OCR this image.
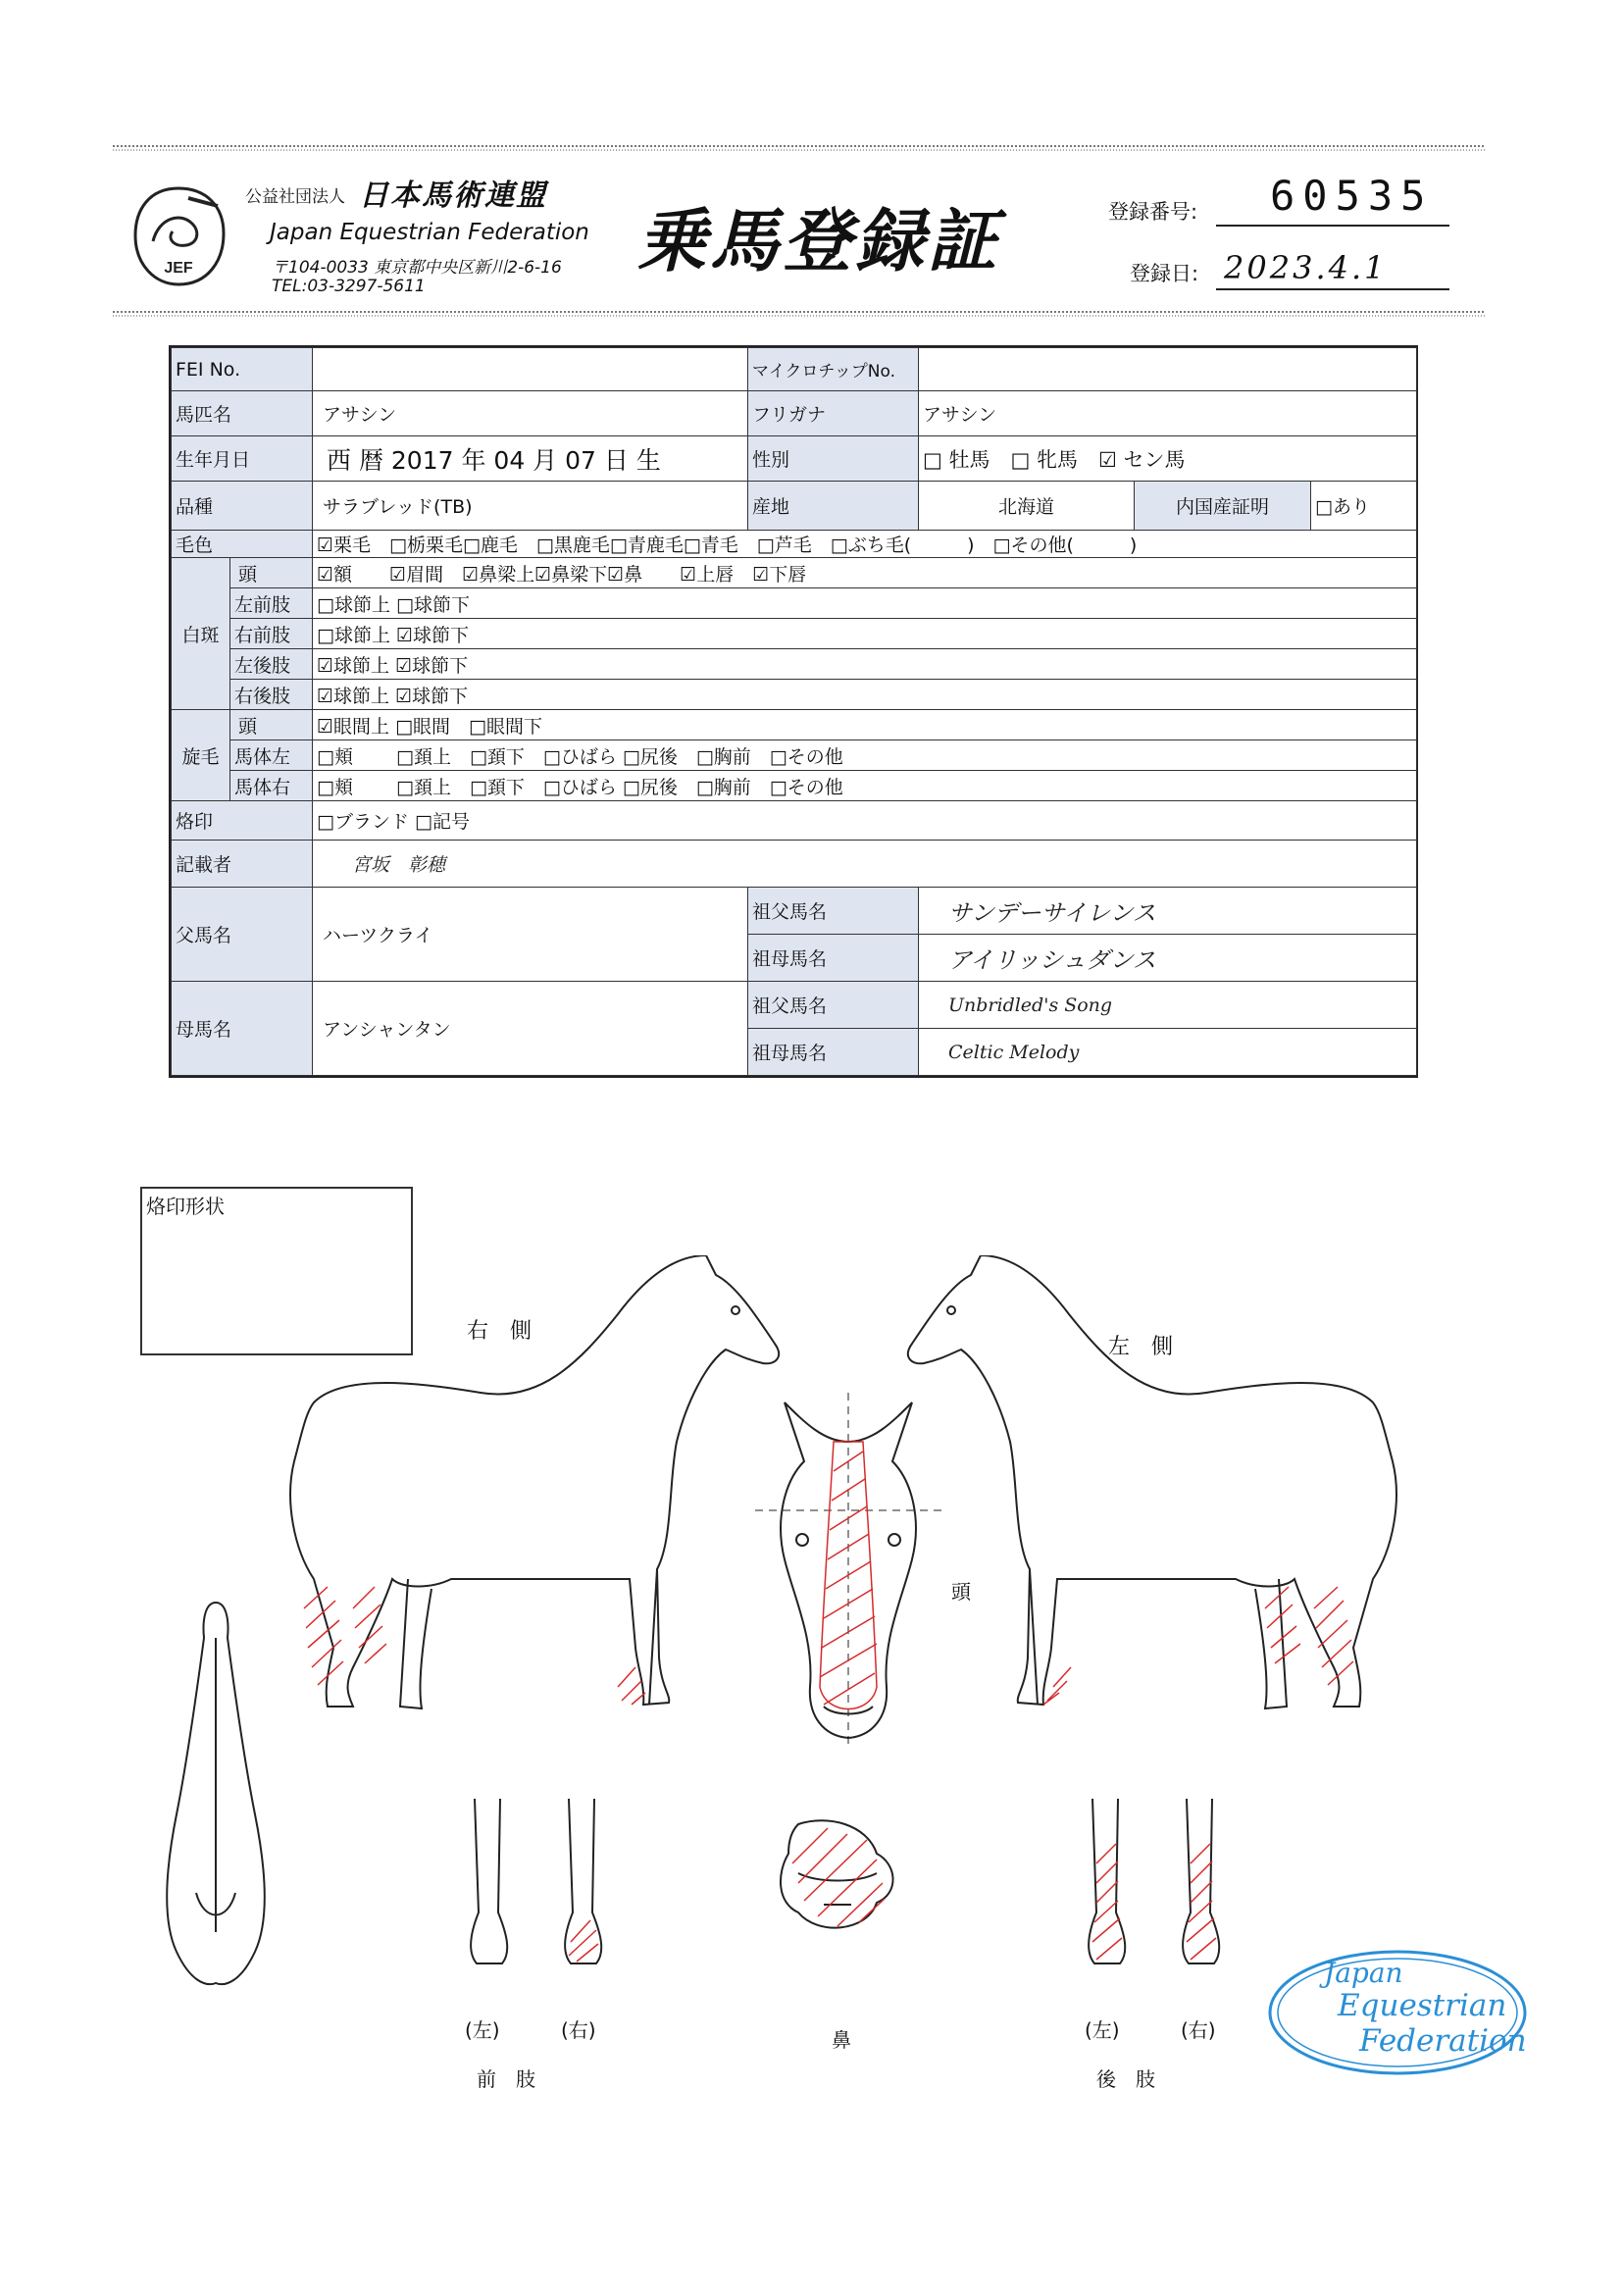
JEF
公益社団法人 日本馬術連盟
Japan Equestrian Federation
〒104-0033 東京都中央区新川2-6-16
TEL:03-3297-5611
乗馬登録証	登録番号: 60535
登録日: 2023.4.1
FEI No.			マイクロチップNo.			
馬匹名		アサシン	フリガナ	アサシン		
生年月日		西 暦 2017 年 04 月 07 日 生	性別	□ 牡馬　□ 牝馬　☑ セン馬		
品種		サラブレッド(TB)	産地	北海道	内国産証明	□あり
毛色		☑栗毛　□栃栗毛□鹿毛　□黒鹿毛□青鹿毛□青毛　□芦毛　□ぶち毛(　　　)　□その他(　　　)				
白斑	頭	☑額　　☑眉間　☑鼻梁上☑鼻梁下☑鼻　　☑上唇　☑下唇				
	左前肢	□球節上 □球節下				
	右前肢	□球節上 ☑球節下				
	左後肢	☑球節上 ☑球節下				
	右後肢	☑球節上 ☑球節下				
旋毛	頭	☑眼間上 □眼間　□眼間下				
	馬体左	□頬　　 □頚上　□頚下　□ひばら □尻後　□胸前　□その他				
	馬体右	□頬　　 □頚上　□頚下　□ひばら □尻後　□胸前　□その他				
烙印		□ブランド □記号				
記載者		宮坂　彰穂				
父馬名		ハーツクライ	祖父馬名	サンデーサイレンス		
			祖母馬名	アイリッシュダンス		
母馬名		アンシャンタン	祖父馬名	Unbridled's Song		
			祖母馬名	Celtic Melody		
烙印形状
右　側
左　側
頭
鼻
(左)	(右)
前　肢
(左)	(右)
後　肢
Japan
Equestrian
Federation
